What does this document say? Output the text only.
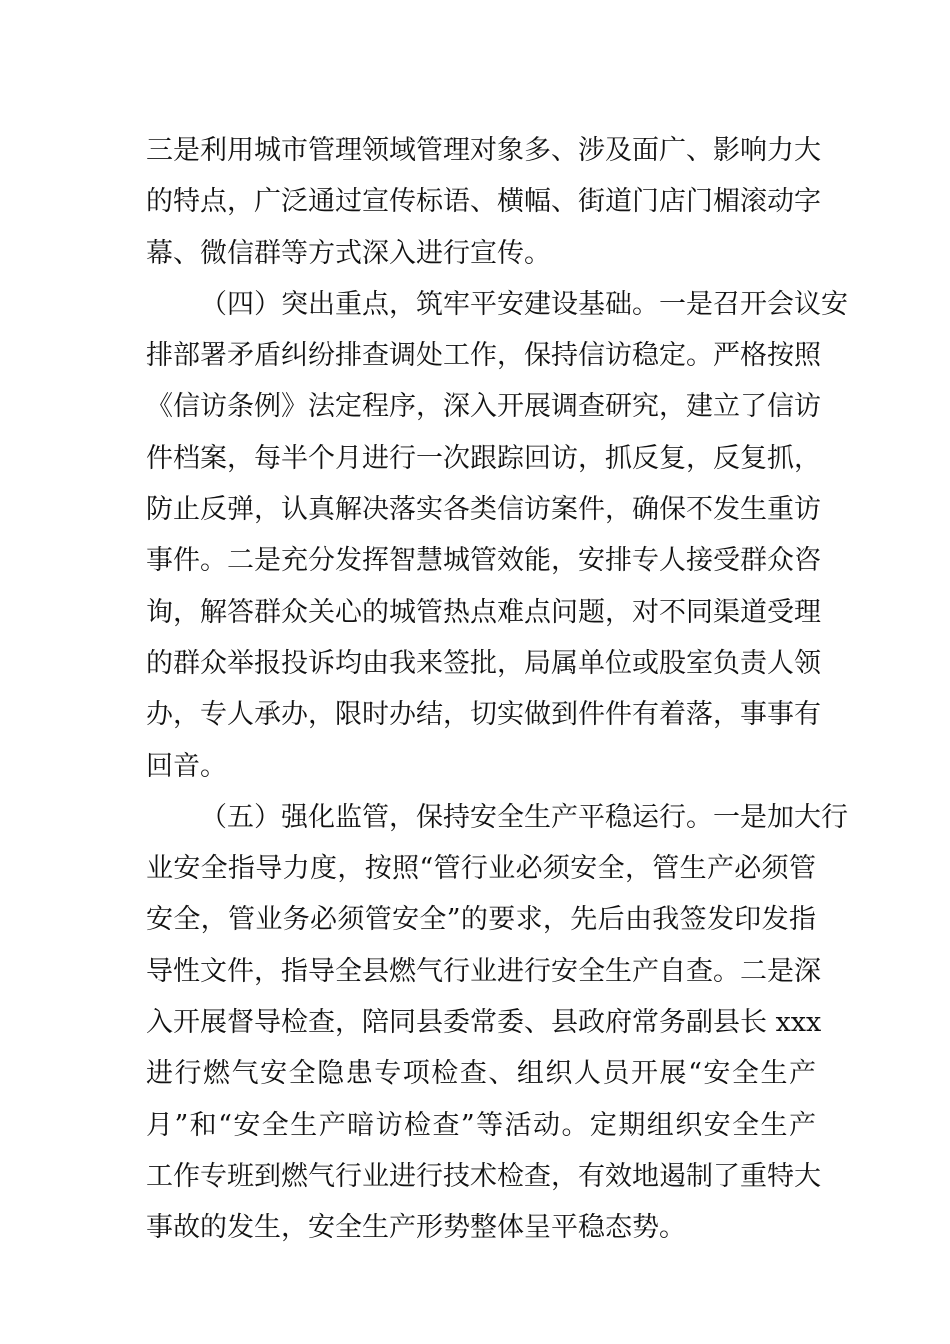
三是利用城市管理领域管理对象多、涉及面广、影响力大
的特点，广泛通过宣传标语、横幅、街道门店门楣滚动字
幕、微信群等方式深入进行宣传。
（四）突出重点，筑牢平安建设基础。一是召开会议安
排部署矛盾纠纷排查调处工作，保持信访稳定。严格按照
《信访条例》法定程序，深入开展调查研究，建立了信访
件档案，每半个月进行一次跟踪回访，抓反复，反复抓，
防止反弹，认真解决落实各类信访案件，确保不发生重访
事件。二是充分发挥智慧城管效能，安排专人接受群众咨
询，解答群众关心的城管热点难点问题，对不同渠道受理
的群众举报投诉均由我来签批，局属单位或股室负责人领
办，专人承办，限时办结，切实做到件件有着落，事事有
回音。
（五）强化监管，保持安全生产平稳运行。一是加大行
业安全指导力度，按照“管行业必须安全，管生产必须管
安全，管业务必须管安全”的要求，先后由我签发印发指
导性文件，指导全县燃气行业进行安全生产自查。二是深
入开展督导检查，陪同县委常委、县政府常务副县长 xxx
进行燃气安全隐患专项检查、组织人员开展“安全生产
月”和“安全生产暗访检查”等活动。定期组织安全生产
工作专班到燃气行业进行技术检查，有效地遏制了重特大
事故的发生，安全生产形势整体呈平稳态势。
